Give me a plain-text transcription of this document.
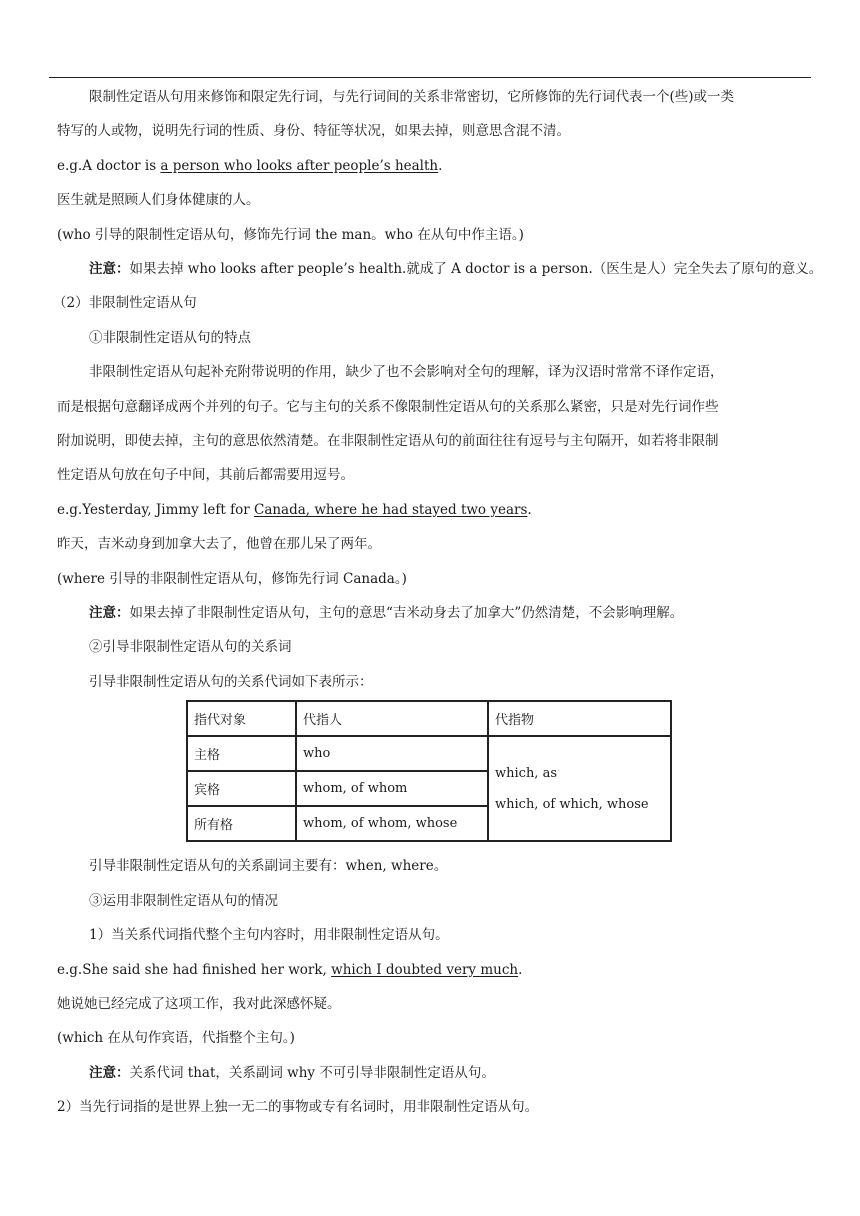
限制性定语从句用来修饰和限定先行词，与先行词间的关系非常密切，它所修饰的先行词代表一个(些)或一类
特写的人或物，说明先行词的性质、身份、特征等状况，如果去掉，则意思含混不清。
e.g.A doctor is a person who looks after people’s health.
医生就是照顾人们身体健康的人。
(who 引导的限制性定语从句，修饰先行词 the man。who 在从句中作主语。)
注意：如果去掉 who looks after people’s health.就成了 A doctor is a person.（医生是人）完全失去了原句的意义。
（2）非限制性定语从句
①非限制性定语从句的特点
非限制性定语从句起补充附带说明的作用，缺少了也不会影响对全句的理解，译为汉语时常常不译作定语，
而是根据句意翻译成两个并列的句子。它与主句的关系不像限制性定语从句的关系那么紧密，只是对先行词作些
附加说明，即使去掉，主句的意思依然清楚。在非限制性定语从句的前面往往有逗号与主句隔开，如若将非限制
性定语从句放在句子中间，其前后都需要用逗号。
e.g.Yesterday, Jimmy left for Canada, where he had stayed two years.
昨天，吉米动身到加拿大去了，他曾在那儿呆了两年。
(where 引导的非限制性定语从句，修饰先行词 Canada。)
注意：如果去掉了非限制性定语从句，主句的意思“吉米动身去了加拿大”仍然清楚，不会影响理解。
②引导非限制性定语从句的关系词
引导非限制性定语从句的关系代词如下表所示：
指代对象	代指人	代指物
主格	who	which, as
which, of which, whose

宾格	whom, of whom	
所有格	whom, of whom, whose	
引导非限制性定语从句的关系副词主要有：when, where。
③运用非限制性定语从句的情况
1）当关系代词指代整个主句内容时，用非限制性定语从句。
e.g.She said she had finished her work, which I doubted very much.
她说她已经完成了这项工作，我对此深感怀疑。
(which 在从句作宾语，代指整个主句。)
注意：关系代词 that，关系副词 why 不可引导非限制性定语从句。
2）当先行词指的是世界上独一无二的事物或专有名词时，用非限制性定语从句。
